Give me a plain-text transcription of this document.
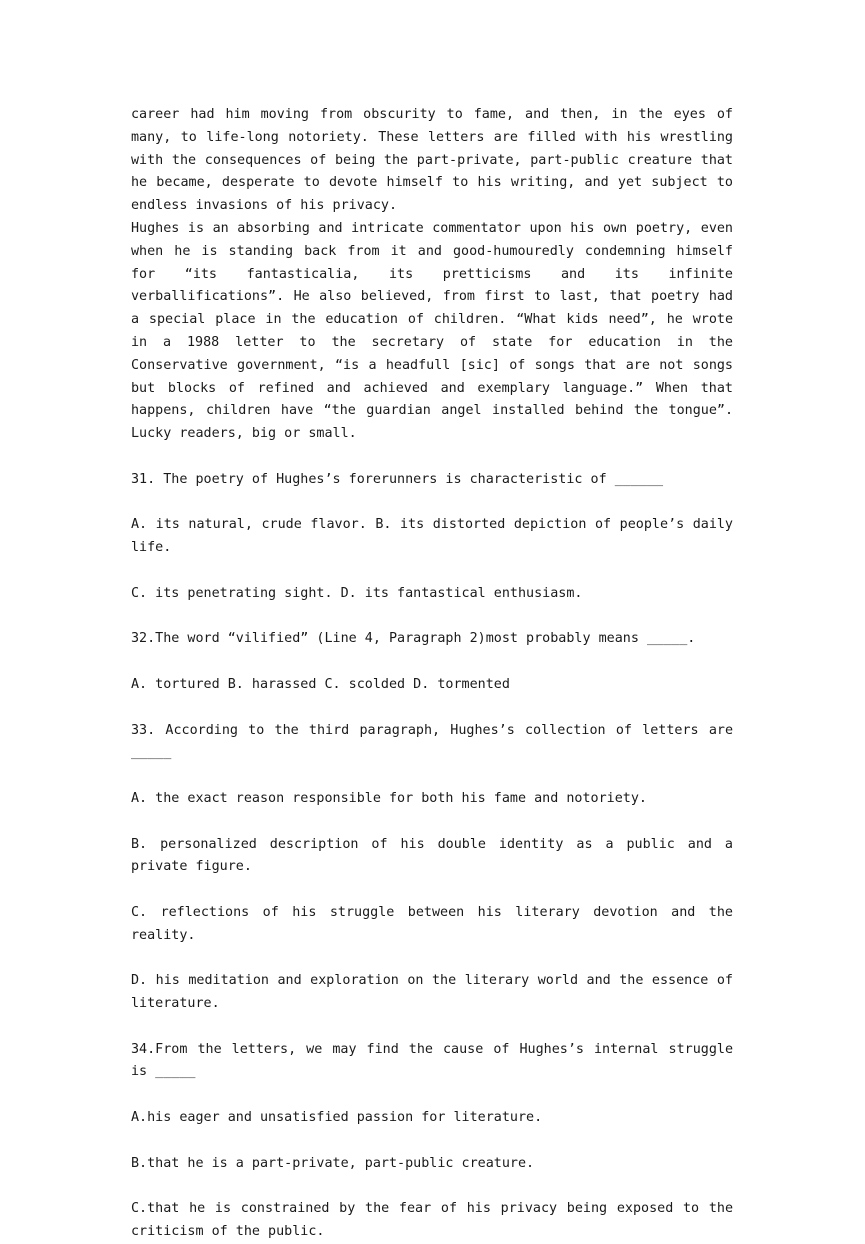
career had him moving from obscurity to fame, and then, in the eyes of many, to life-long notoriety. These letters are filled with his wrestling with the consequences of being the part-private, part-public creature that he became, desperate to devote himself to his writing, and yet subject to endless invasions of his privacy.

Hughes is an absorbing and intricate commentator upon his own poetry, even when he is standing back from it and good-humouredly condemning himself for “its fantasticalia, its pretticisms and its infinite verballifications”. He also believed, from first to last, that poetry had a special place in the education of children. “What kids need”, he wrote in a 1988 letter to the secretary of state for education in the Conservative government, “is a headfull [sic] of songs that are not songs but blocks of refined and achieved and exemplary language.” When that happens, children have “the guardian angel installed behind the tongue”. Lucky readers, big or small.

31. The poetry of Hughes’s forerunners is characteristic of ______

A. its natural, crude flavor. B. its distorted depiction of people’s daily life.

C. its penetrating sight. D. its fantastical enthusiasm.

32.The word “vilified” (Line 4, Paragraph 2)most probably means _____.

A. tortured B. harassed C. scolded D. tormented

33. According to the third paragraph, Hughes’s collection of letters are _____

A. the exact reason responsible for both his fame and notoriety.

B. personalized description of his double identity as a public and a private figure.

C. reflections of his struggle between his literary devotion and the reality.

D. his meditation and exploration on the literary world and the essence of literature.

34.From the letters, we may find the cause of Hughes’s internal struggle is _____

A.his eager and unsatisfied passion for literature.

B.that he is a part-private, part-public creature.

C.that he is constrained by the fear of his privacy being exposed to the criticism of the public.
